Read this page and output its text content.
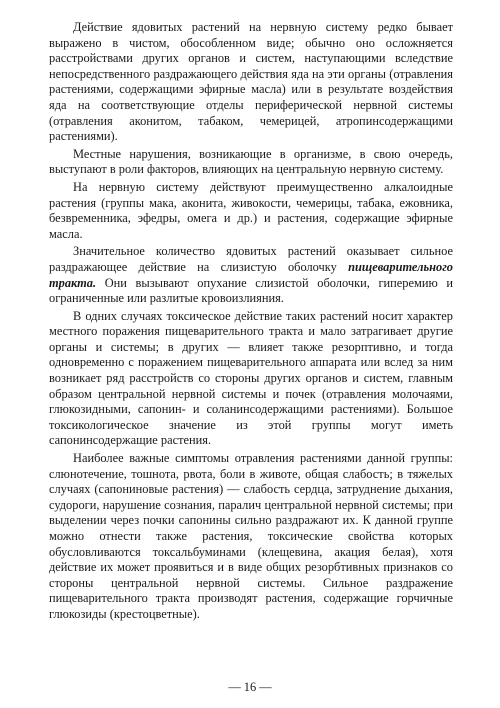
Действие ядовитых растений на нервную систему редко бывает выражено в чистом, обособленном виде; обычно оно осложняется расстройствами других органов и систем, наступающими вследствие непосредственного раздражающего действия яда на эти органы (отравления растениями, содержащими эфирные масла) или в результате воздействия яда на соответствующие отделы периферической нервной системы (отравления аконитом, табаком, чемерицей, атропинсодержащими растениями).

Местные нарушения, возникающие в организме, в свою очередь, выступают в роли факторов, влияющих на центральную нервную систему.

На нервную систему действуют преимущественно алкалоидные растения (группы мака, аконита, живокости, чемерицы, табака, ежовника, безвременника, эфедры, омега и др.) и растения, содержащие эфирные масла.

Значительное количество ядовитых растений оказывает сильное раздражающее действие на слизистую оболочку пищеварительного тракта. Они вызывают опухание слизистой оболочки, гиперемию и ограниченные или разлитые кровоизлияния.

В одних случаях токсическое действие таких растений носит характер местного поражения пищеварительного тракта и мало затрагивает другие органы и системы; в других — влияет также резорптивно, и тогда одновременно с поражением пищеварительного аппарата или вслед за ним возникает ряд расстройств со стороны других органов и систем, главным образом центральной нервной системы и почек (отравления молочаями, глюкозидными, сапонин- и соланинсодержащими растениями). Большое токсикологическое значение из этой группы могут иметь сапонинсодержащие растения.

Наиболее важные симптомы отравления растениями данной группы: слюнотечение, тошнота, рвота, боли в животе, общая слабость; в тяжелых случаях (сапониновые растения) — слабость сердца, затруднение дыхания, судороги, нарушение сознания, паралич центральной нервной системы; при выделении через почки сапонины сильно раздражают их. К данной группе можно отнести также растения, токсические свойства которых обусловливаются токсальбуминами (клещевина, акация белая), хотя действие их может проявиться и в виде общих резорбтивных признаков со стороны центральной нервной системы. Сильное раздражение пищеварительного тракта производят растения, содержащие горчичные глюкозиды (крестоцветные).

— 16 —
